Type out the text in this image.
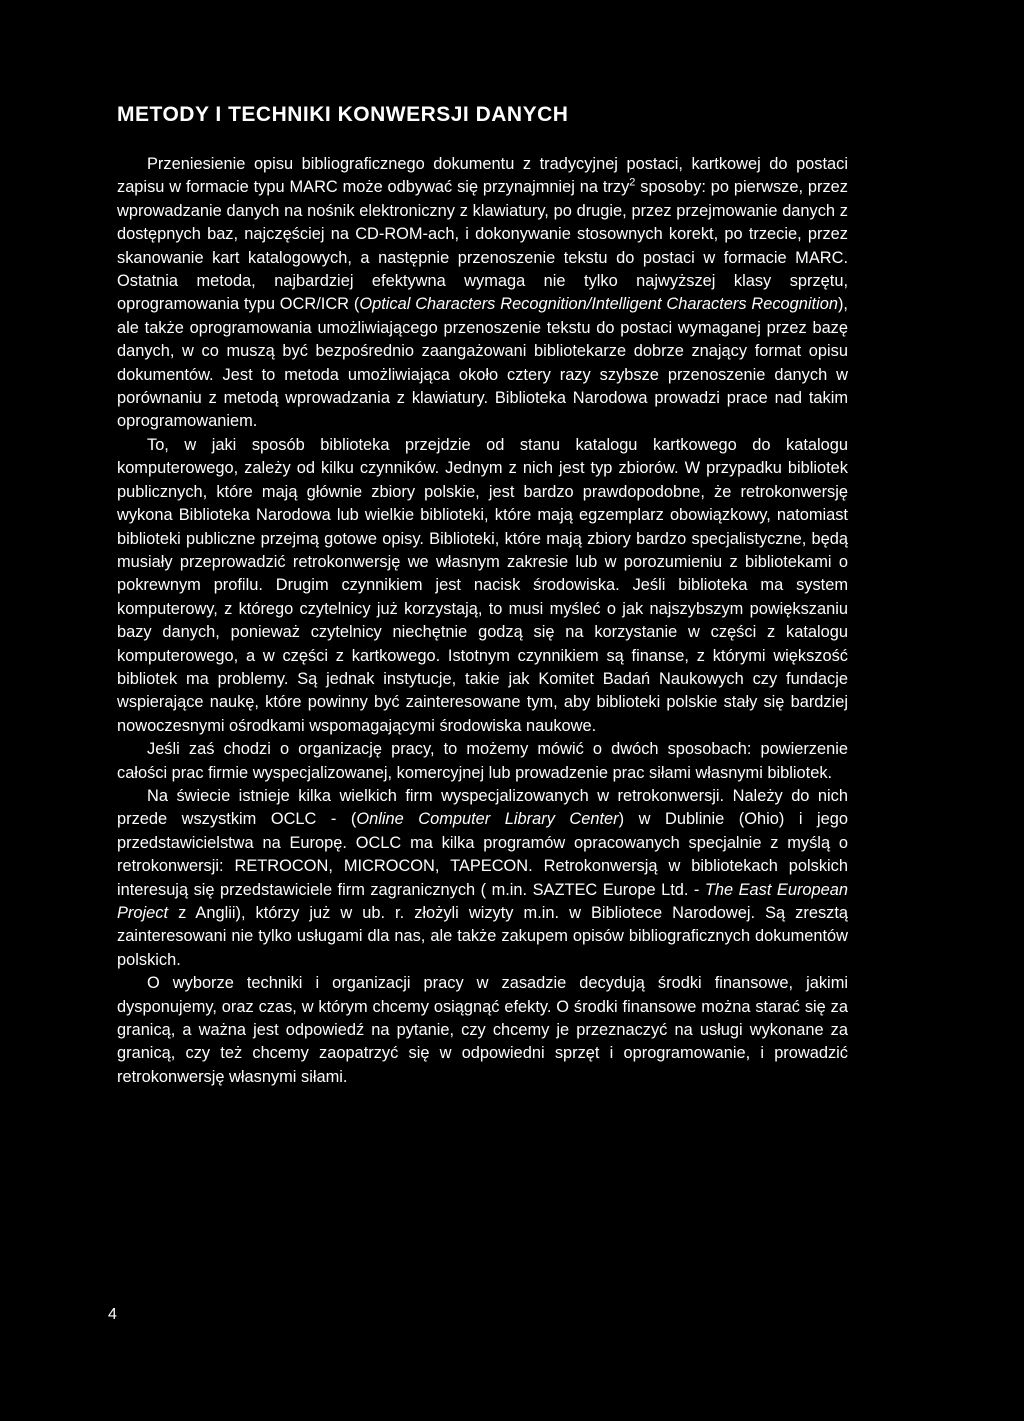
METODY I TECHNIKI KONWERSJI DANYCH

Przeniesienie opisu bibliograficznego dokumentu z tradycyjnej postaci, kartkowej do postaci zapisu w formacie typu MARC może odbywać się przynajmniej na trzy$^2$ sposoby: po pierwsze, przez wprowadzanie danych na nośnik elektroniczny z klawiatury, po drugie, przez przejmowanie danych z dostępnych baz, najczęściej na CD-ROM-ach, i dokonywanie stosownych korekt, po trzecie, przez skanowanie kart katalogowych, a następnie przenoszenie tekstu do postaci w formacie MARC. Ostatnia metoda, najbardziej efektywna wymaga nie tylko najwyższej klasy sprzętu, oprogramowania typu OCR/ICR (Optical Characters Recognition/Intelligent Characters Recognition), ale także oprogramowania umożliwiającego przenoszenie tekstu do postaci wymaganej przez bazę danych, w co muszą być bezpośrednio zaangażowani bibliotekarze dobrze znający format opisu dokumentów. Jest to metoda umożliwiająca około cztery razy szybsze przenoszenie danych w porównaniu z metodą wprowadzania z klawiatury. Biblioteka Narodowa prowadzi prace nad takim oprogramowaniem.

To, w jaki sposób biblioteka przejdzie od stanu katalogu kartkowego do katalogu komputerowego, zależy od kilku czynników. Jednym z nich jest typ zbiorów. W przypadku bibliotek publicznych, które mają głównie zbiory polskie, jest bardzo prawdopodobne, że retrokonwersję wykona Biblioteka Narodowa lub wielkie biblioteki, które mają egzemplarz obowiązkowy, natomiast biblioteki publiczne przejmą gotowe opisy. Biblioteki, które mają zbiory bardzo specjalistyczne, będą musiały przeprowadzić retrokonwersję we własnym zakresie lub w porozumieniu z bibliotekami o pokrewnym profilu. Drugim czynnikiem jest nacisk środowiska. Jeśli biblioteka ma system komputerowy, z którego czytelnicy już korzystają, to musi myśleć o jak najszybszym powiększaniu bazy danych, ponieważ czytelnicy niechętnie godzą się na korzystanie w części z katalogu komputerowego, a w części z kartkowego. Istotnym czynnikiem są finanse, z którymi większość bibliotek ma problemy. Są jednak instytucje, takie jak Komitet Badań Naukowych czy fundacje wspierające naukę, które powinny być zainteresowane tym, aby biblioteki polskie stały się bardziej nowoczesnymi ośrodkami wspomagającymi środowiska naukowe.

Jeśli zaś chodzi o organizację pracy, to możemy mówić o dwóch sposobach: powierzenie całości prac firmie wyspecjalizowanej, komercyjnej lub prowadzenie prac siłami własnymi bibliotek.

Na świecie istnieje kilka wielkich firm wyspecjalizowanych w retrokonwersji. Należy do nich przede wszystkim OCLC - (Online Computer Library Center) w Dublinie (Ohio) i jego przedstawicielstwa na Europę. OCLC ma kilka programów opracowanych specjalnie z myślą o retrokonwersji: RETROCON, MICROCON, TAPECON. Retrokonwersją w bibliotekach polskich interesują się przedstawiciele firm zagranicznych ( m.in. SAZTEC Europe Ltd. - The East European Project z Anglii), którzy już w ub. r. złożyli wizyty m.in. w Bibliotece Narodowej. Są zresztą zainteresowani nie tylko usługami dla nas, ale także zakupem opisów bibliograficznych dokumentów polskich.

O wyborze techniki i organizacji pracy w zasadzie decydują środki finansowe, jakimi dysponujemy, oraz czas, w którym chcemy osiągnąć efekty. O środki finansowe można starać się za granicą, a ważna jest odpowiedź na pytanie, czy chcemy je przeznaczyć na usługi wykonane za granicą, czy też chcemy zaopatrzyć się w odpowiedni sprzęt i oprogramowanie, i prowadzić retrokonwersję własnymi siłami.

4
